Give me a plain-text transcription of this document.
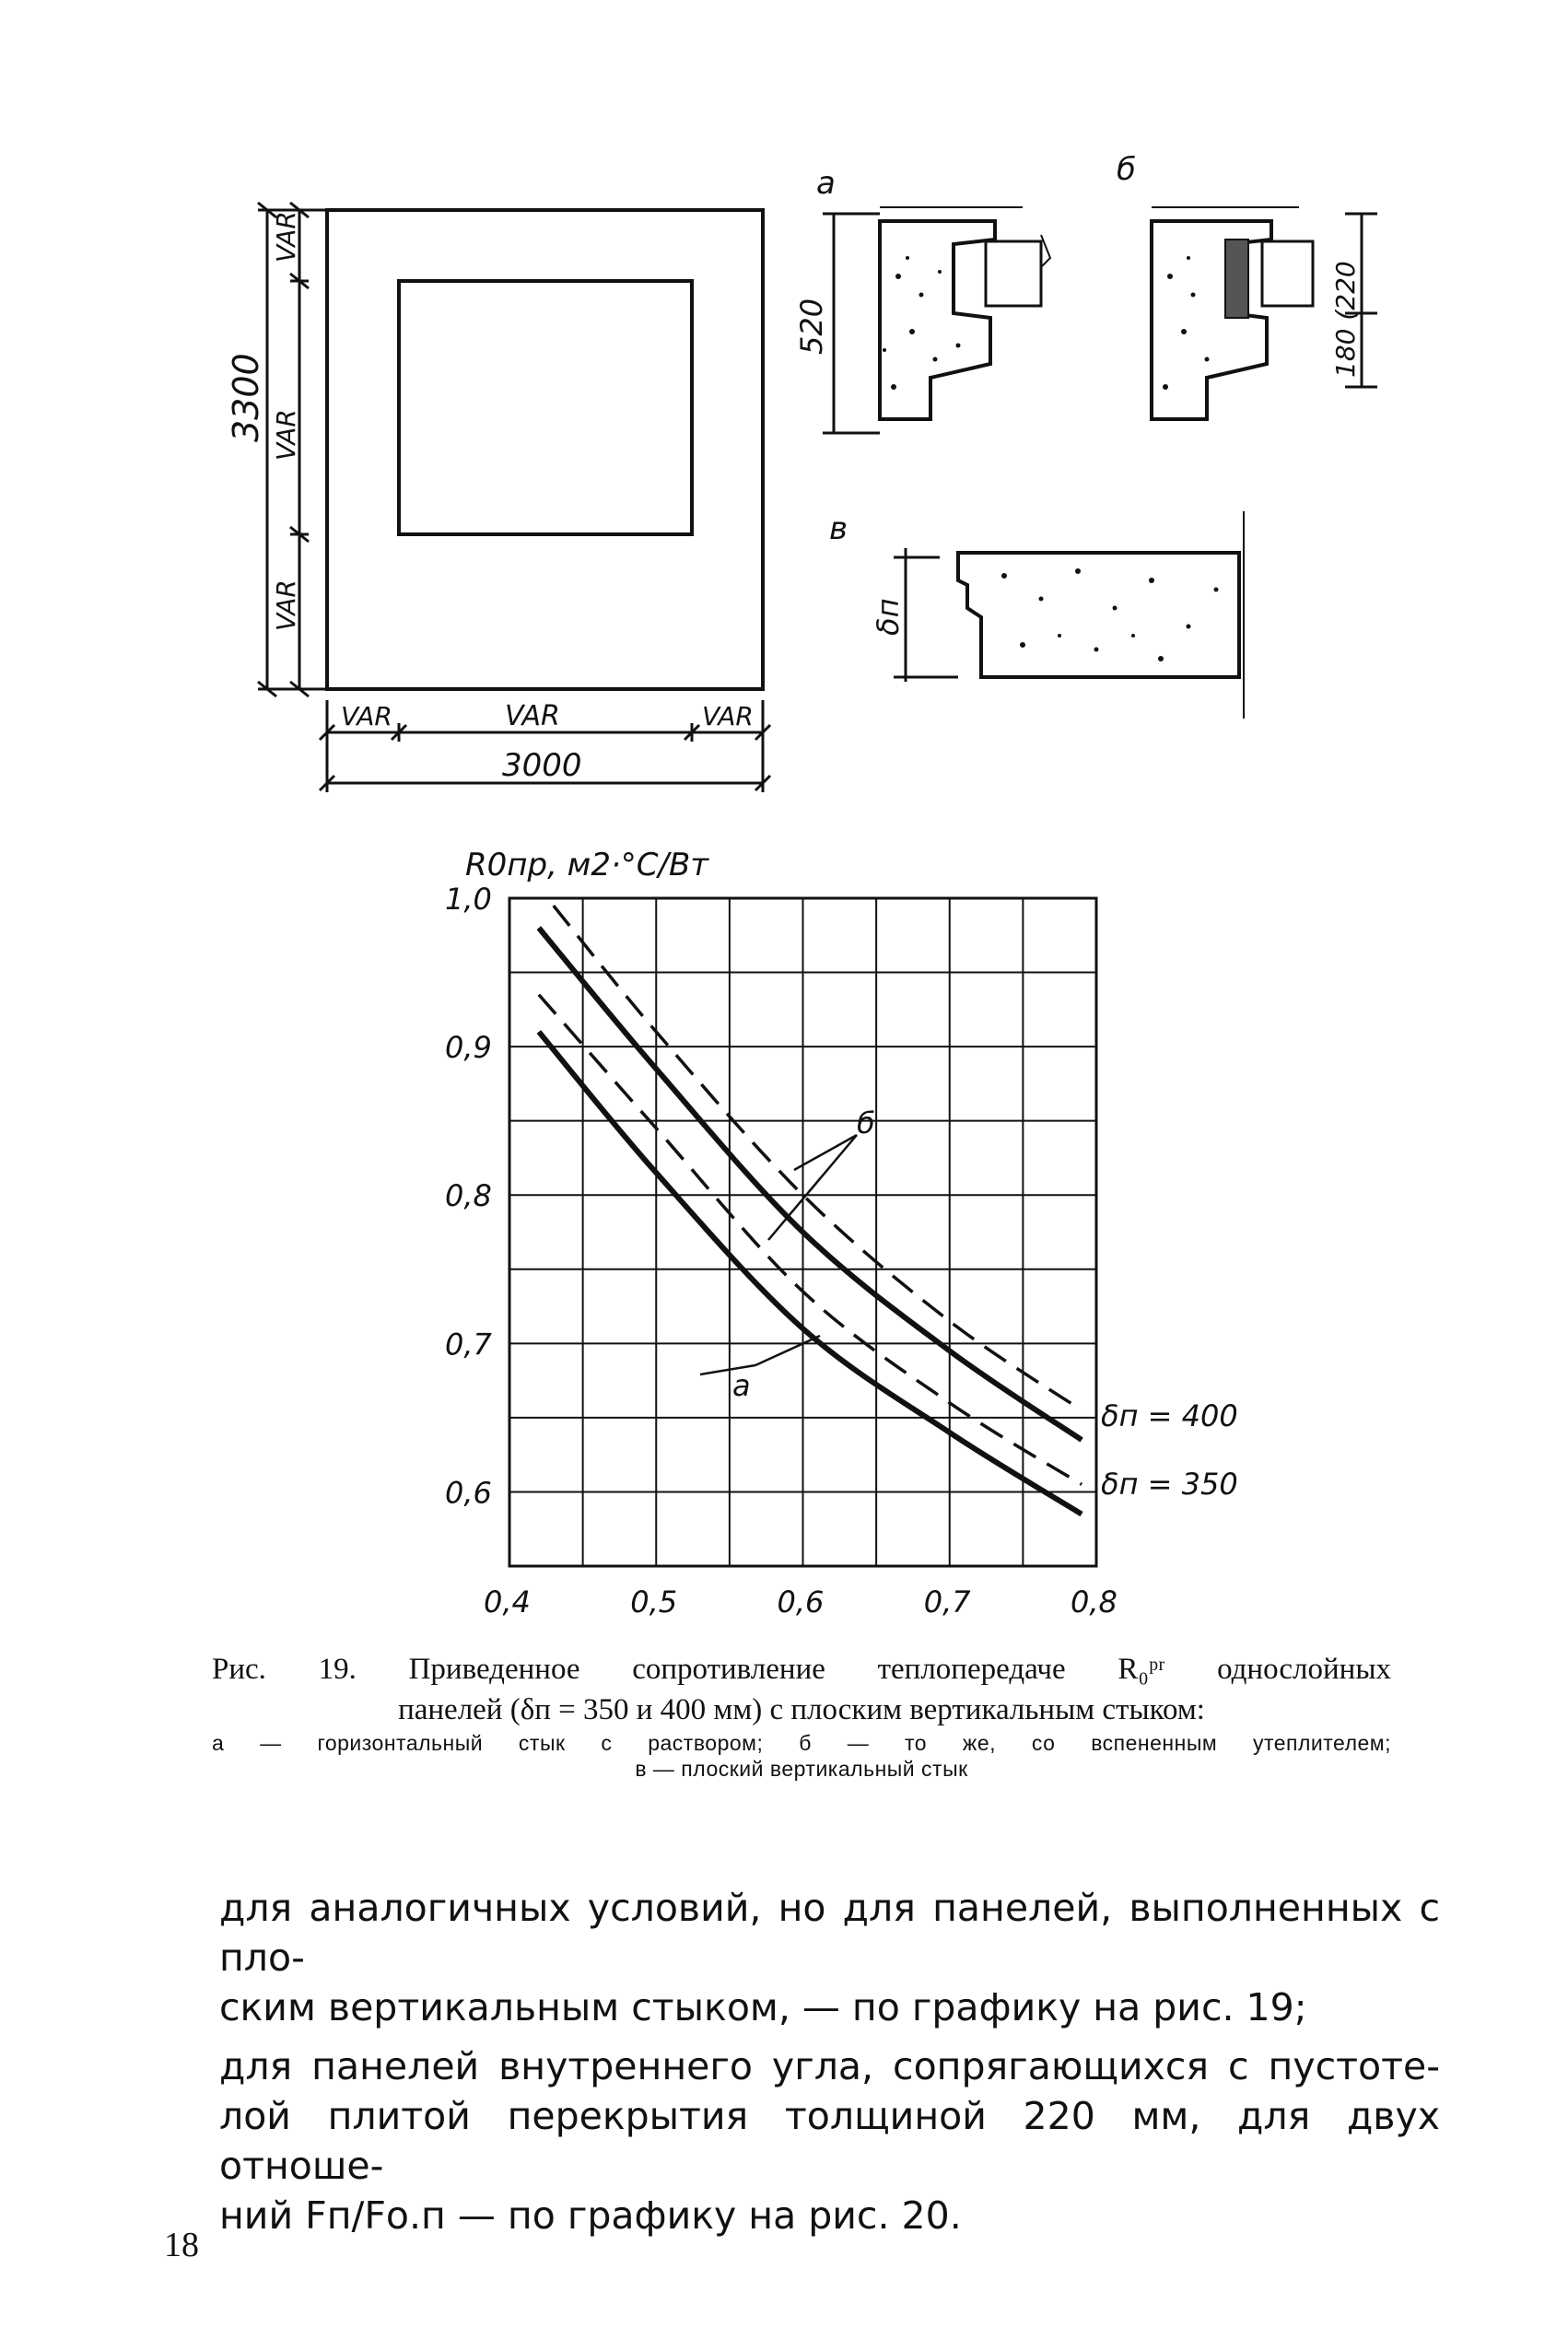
3300
VAR
VAR
VAR
VAR	VAR	VAR
3000
а
520
б
180 (220
в
δп
1,0
0,9
0,8
0,7
0,6
0,4	0,5	0,6	0,7	0,8
R0пр, м2·°С/Вт
б
а
δп = 400
δп = 350
Рис. 19. Приведенное сопротивление теплопередаче R₀ᵖʳ однослойных
панелей (δп = 350 и 400 мм) с плоским вертикальным стыком:
а — горизонтальный стык с раствором; б — то же, со вспененным утеплителем;
в — плоский вертикальный стык

для аналогичных условий, но для панелей, выполненных с пло-

ским вертикальным стыком, — по графику на рис. 19;

для панелей внутреннего угла, сопрягающихся с пустоте-

лой плитой перекрытия толщиной 220 мм, для двух отноше-

ний Fп/Fо.п — по графику на рис. 20.

18
